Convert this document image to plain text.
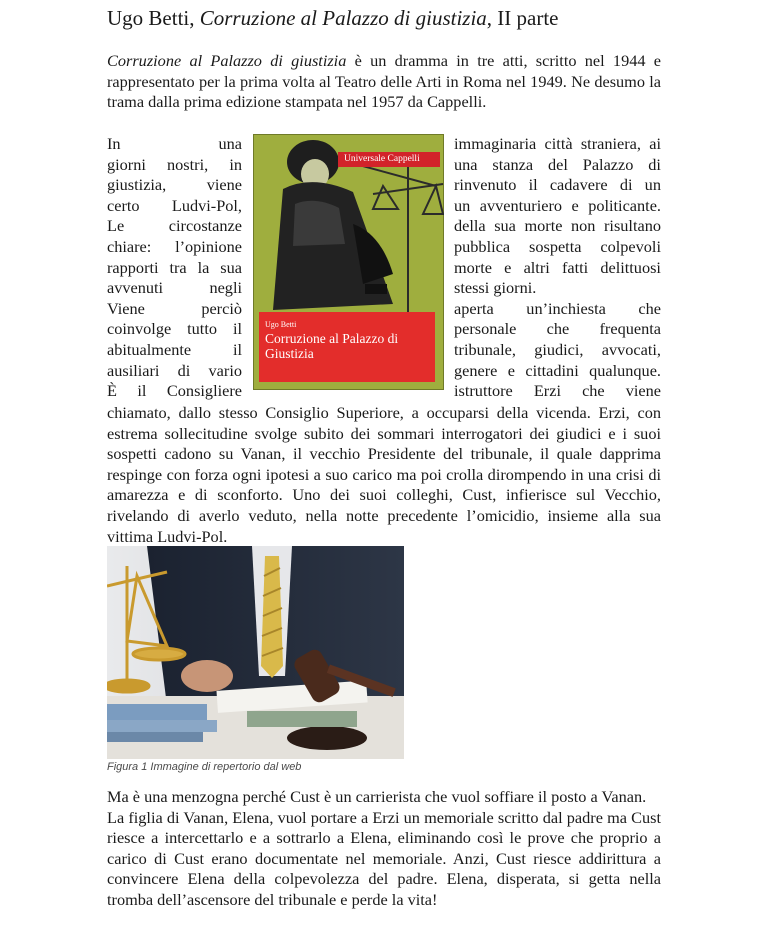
Ugo Betti, Corruzione al Palazzo di giustizia, II parte
Corruzione al Palazzo di giustizia è un dramma in tre atti, scritto nel 1944 e rappresentato per la prima volta al Teatro delle Arti in Roma nel 1949. Ne desumo la trama dalla prima edizione stampata nel 1957 da Cappelli.
In	una
giorni nostri, in
giustizia, viene
certo Ludvi-Pol,
Le	circostanze
chiare: l’opinione
rapporti tra la sua
avvenuti	negli
Viene	perciò
coinvolge tutto il
abitualmente	il
ausiliari di vario
È il Consigliere
Universale Cappelli
Ugo Betti
Corruzione al Palazzo di Giustizia
immaginaria città straniera, ai
una stanza del Palazzo di
rinvenuto il cadavere di un
un avventuriero e politicante.
della sua morte non risultano
pubblica sospetta colpevoli
morte e altri fatti delittuosi
stessi giorni.
aperta un’inchiesta che
personale che frequenta
tribunale, giudici, avvocati,
genere e cittadini qualunque.
istruttore Erzi che viene
chiamato, dallo stesso Consiglio Superiore, a occuparsi della vicenda. Erzi, con estrema sollecitudine svolge subito dei sommari interrogatori dei giudici e i suoi sospetti cadono su Vanan, il vecchio Presidente del tribunale, il quale dapprima respinge con forza ogni ipotesi a suo carico ma poi crolla dirompendo in una crisi di amarezza e di sconforto. Uno dei suoi colleghi, Cust, infierisce sul Vecchio, rivelando di averlo veduto, nella notte precedente l’omicidio, insieme alla sua vittima Ludvi-Pol.
Figura 1 Immagine di repertorio dal web
Ma è una menzogna perché Cust è un carrierista che vuol soffiare il posto a Vanan.
La figlia di Vanan, Elena, vuol portare a Erzi un memoriale scritto dal padre ma Cust riesce a intercettarlo e a sottrarlo a Elena, eliminando così le prove che proprio a carico di Cust erano documentate nel memoriale. Anzi, Cust riesce addirittura a convincere Elena della colpevolezza del padre. Elena, disperata, si getta nella tromba dell’ascensore del tribunale e perde la vita!
